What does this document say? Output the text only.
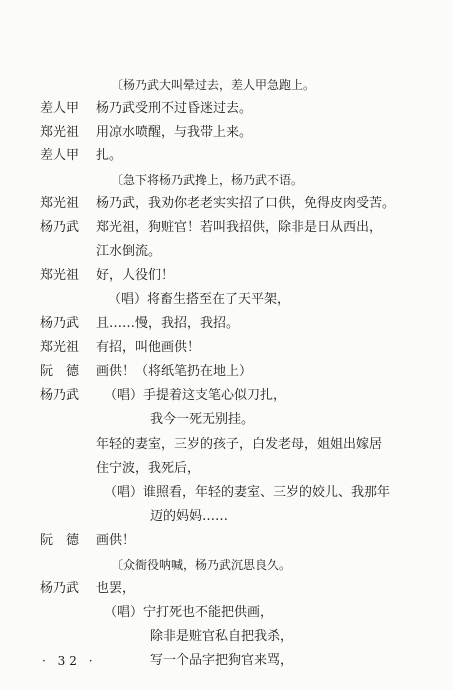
〔杨乃武大叫晕过去，差人甲急跑上。
差人甲 杨乃武受刑不过昏迷过去。
郑光祖 用凉水喷醒，与我带上来。
差人甲 扎。
〔急下将杨乃武搀上，杨乃武不语。
郑光祖 杨乃武，我劝你老老实实招了口供，免得皮肉受苦。
杨乃武 郑光祖，狗赃官！若叫我招供，除非是日从西出，
江水倒流。
郑光祖 好，人役们！
（唱）将畜生搭至在了天平架，
杨乃武 且……慢，我招，我招。
郑光祖 有招，叫他画供！
阮　德 画供！（将纸笔扔在地上）
杨乃武 （唱）手提着这支笔心似刀扎，
我今一死无别挂。
年轻的妻室，三岁的孩子，白发老母，姐姐出嫁居
住宁波，我死后，
（唱）谁照看，年轻的妻室、三岁的姣儿、我那年
迈的妈妈……
阮　德 画供！
〔众衙役呐喊，杨乃武沉思良久。
杨乃武 也罢，
（唱）宁打死也不能把供画，
除非是赃官私自把我杀，
写一个品字把狗官来骂，
· 32 ·
